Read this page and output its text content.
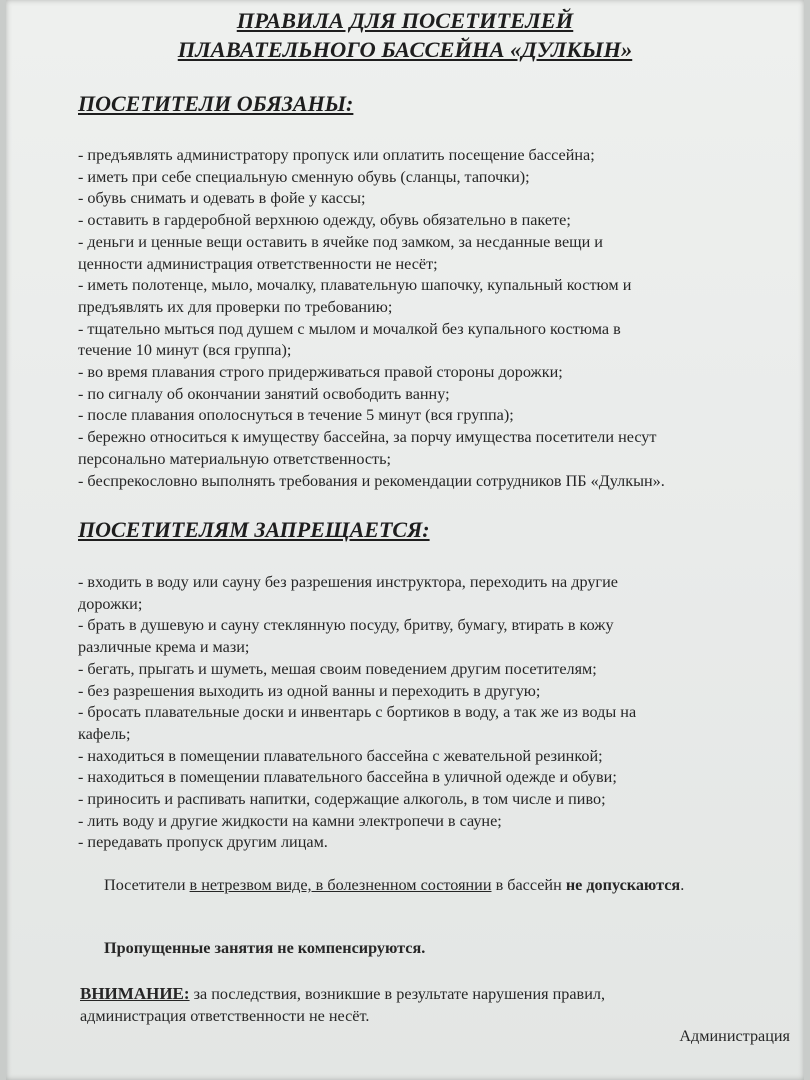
ПРАВИЛА ДЛЯ ПОСЕТИТЕЛЕЙ
ПЛАВАТЕЛЬНОГО БАССЕЙНА «ДУЛКЫН»
ПОСЕТИТЕЛИ ОБЯЗАНЫ:
- предъявлять администратору пропуск или оплатить посещение бассейна;
- иметь при себе специальную сменную обувь (сланцы, тапочки);
- обувь снимать и одевать в фойе у кассы;
- оставить в гардеробной верхнюю одежду, обувь обязательно в пакете;
- деньги и ценные вещи оставить в ячейке под замком, за несданные вещи и
ценности администрация ответственности не несёт;
- иметь полотенце, мыло, мочалку, плавательную шапочку, купальный костюм и
предъявлять их для проверки по требованию;
- тщательно мыться под душем с мылом и мочалкой без купального костюма в
течение 10 минут (вся группа);
- во время плавания строго придерживаться правой стороны дорожки;
- по сигналу об окончании занятий освободить ванну;
- после плавания ополоснуться в течение 5 минут (вся группа);
- бережно относиться к имуществу бассейна, за порчу имущества посетители несут
персонально материальную ответственность;
- беспрекословно выполнять требования и рекомендации сотрудников ПБ «Дулкын».
ПОСЕТИТЕЛЯМ ЗАПРЕЩАЕТСЯ:
- входить в воду или сауну без разрешения инструктора, переходить на другие
дорожки;
- брать в душевую и сауну стеклянную посуду, бритву, бумагу, втирать в кожу
различные крема и мази;
- бегать, прыгать и шуметь, мешая своим поведением другим посетителям;
- без разрешения выходить из одной ванны и переходить в другую;
- бросать плавательные доски и инвентарь с бортиков в воду, а так же из воды на
кафель;
- находиться в помещении плавательного бассейна с жевательной резинкой;
- находиться в помещении плавательного бассейна в уличной одежде и обуви;
- приносить и распивать напитки, содержащие алкоголь, в том числе и пиво;
- лить воду и другие жидкости на камни электропечи в сауне;
- передавать пропуск другим лицам.
Посетители в нетрезвом виде, в болезненном состоянии в бассейн не допускаются.
Пропущенные занятия не компенсируются.
ВНИМАНИЕ: за последствия, возникшие в результате нарушения правил,
администрация ответственности не несёт.
Администрация
